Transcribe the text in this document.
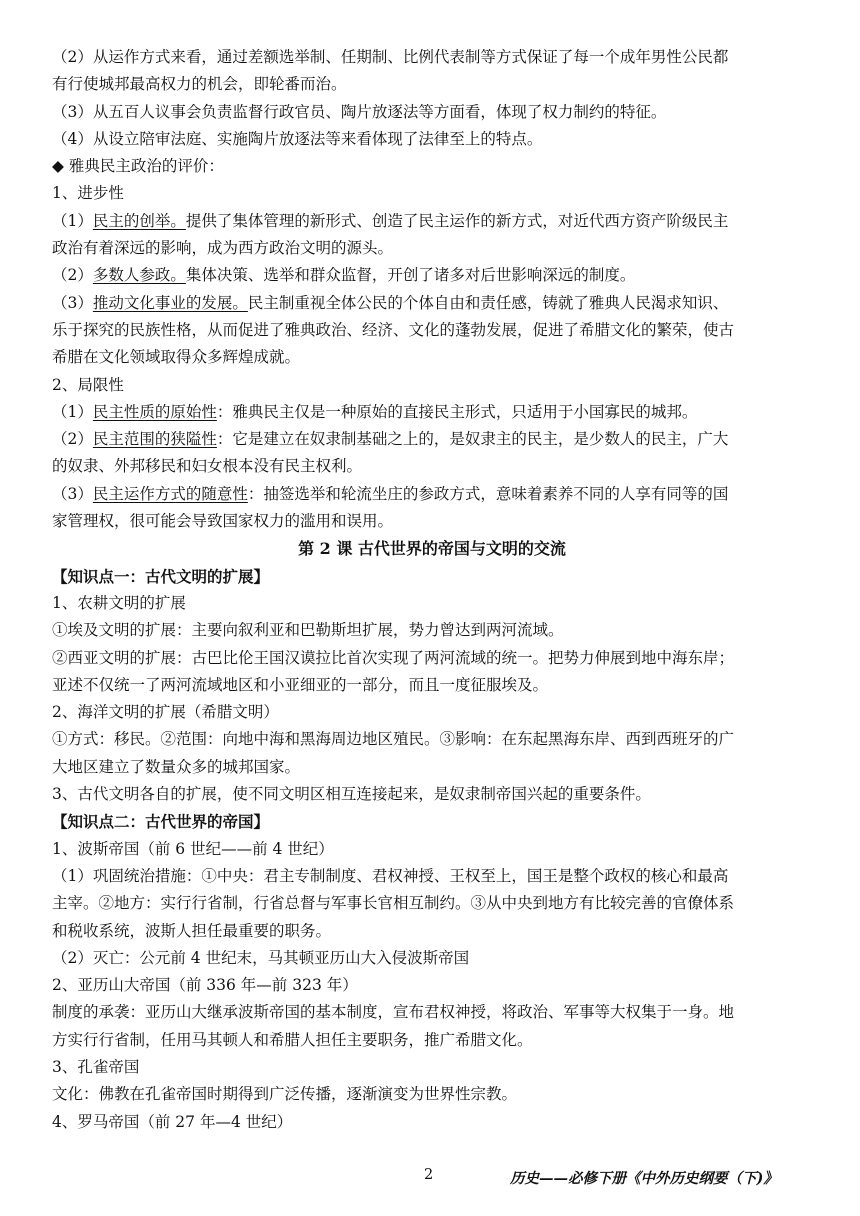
（2）从运作方式来看，通过差额选举制、任期制、比例代表制等方式保证了每一个成年男性公民都
有行使城邦最高权力的机会，即轮番而治。
（3）从五百人议事会负责监督行政官员、陶片放逐法等方面看，体现了权力制约的特征。
（4）从设立陪审法庭、实施陶片放逐法等来看体现了法律至上的特点。
◆ 雅典民主政治的评价：
1、进步性
（1）民主的创举。提供了集体管理的新形式、创造了民主运作的新方式，对近代西方资产阶级民主
政治有着深远的影响，成为西方政治文明的源头。
（2）多数人参政。集体决策、选举和群众监督，开创了诸多对后世影响深远的制度。
（3）推动文化事业的发展。民主制重视全体公民的个体自由和责任感，铸就了雅典人民渴求知识、
乐于探究的民族性格，从而促进了雅典政治、经济、文化的蓬勃发展，促进了希腊文化的繁荣，使古
希腊在文化领域取得众多辉煌成就。
2、局限性
（1）民主性质的原始性：雅典民主仅是一种原始的直接民主形式，只适用于小国寡民的城邦。
（2）民主范围的狭隘性：它是建立在奴隶制基础之上的，是奴隶主的民主，是少数人的民主，广大
的奴隶、外邦移民和妇女根本没有民主权利。
（3）民主运作方式的随意性：抽签选举和轮流坐庄的参政方式，意味着素养不同的人享有同等的国
家管理权，很可能会导致国家权力的滥用和误用。
第 2 课 古代世界的帝国与文明的交流
【知识点一：古代文明的扩展】
1、农耕文明的扩展
①埃及文明的扩展：主要向叙利亚和巴勒斯坦扩展，势力曾达到两河流域。
②西亚文明的扩展：古巴比伦王国汉谟拉比首次实现了两河流域的统一。把势力伸展到地中海东岸；
亚述不仅统一了两河流域地区和小亚细亚的一部分，而且一度征服埃及。
2、海洋文明的扩展（希腊文明）
①方式：移民。②范围：向地中海和黑海周边地区殖民。③影响：在东起黑海东岸、西到西班牙的广
大地区建立了数量众多的城邦国家。
3、古代文明各自的扩展，使不同文明区相互连接起来，是奴隶制帝国兴起的重要条件。
【知识点二：古代世界的帝国】
1、波斯帝国（前 6 世纪——前 4 世纪）
（1）巩固统治措施：①中央：君主专制制度、君权神授、王权至上，国王是整个政权的核心和最高
主宰。②地方：实行行省制，行省总督与军事长官相互制约。③从中央到地方有比较完善的官僚体系
和税收系统，波斯人担任最重要的职务。
（2）灭亡：公元前 4 世纪末，马其顿亚历山大入侵波斯帝国
2、亚历山大帝国（前 336 年—前 323 年）
制度的承袭：亚历山大继承波斯帝国的基本制度，宣布君权神授，将政治、军事等大权集于一身。地
方实行行省制，任用马其顿人和希腊人担任主要职务，推广希腊文化。
3、孔雀帝国
文化：佛教在孔雀帝国时期得到广泛传播，逐渐演变为世界性宗教。
4、罗马帝国（前 27 年—4 世纪）
2	历史——必修下册《中外历史纲要（下)》
